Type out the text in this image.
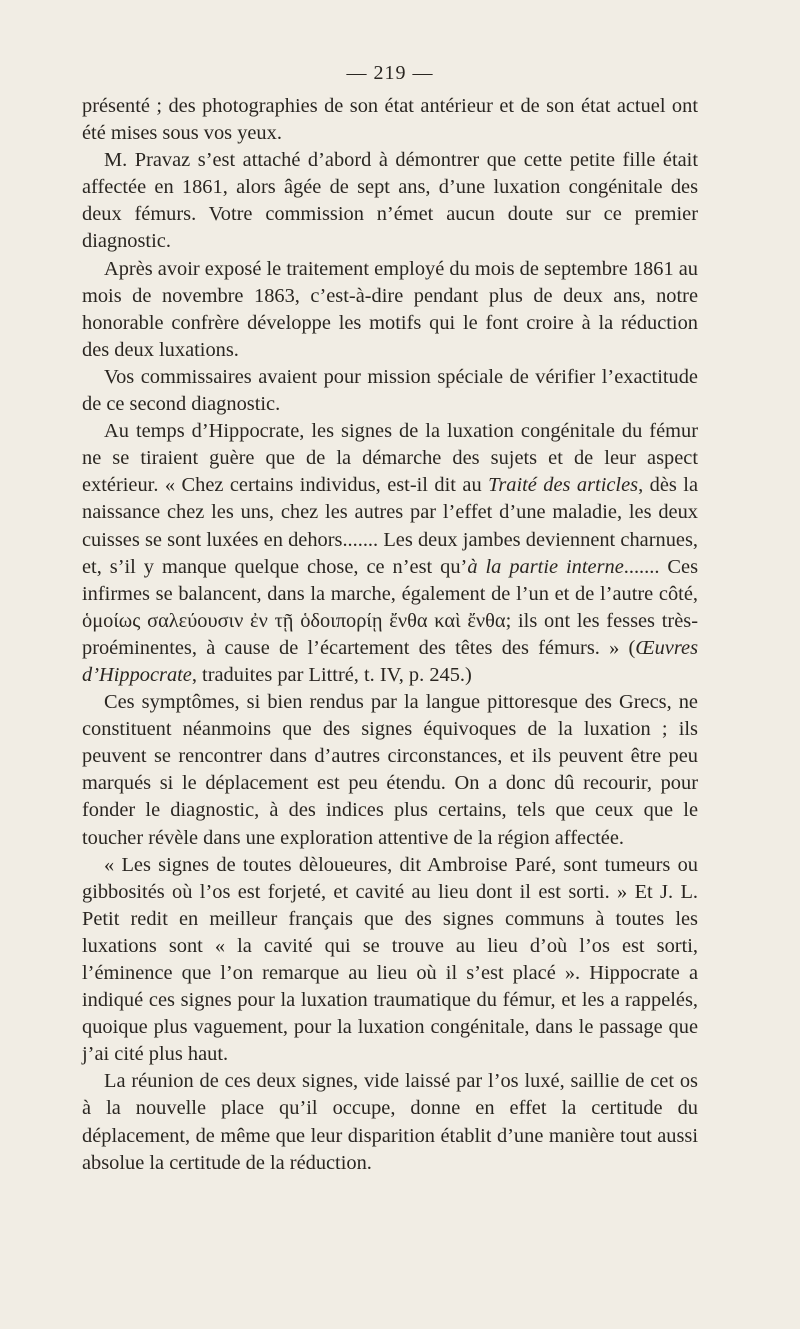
— 219 —

présenté ; des photographies de son état antérieur et de son état actuel ont été mises sous vos yeux.

M. Pravaz s’est attaché d’abord à démontrer que cette petite fille était affectée en 1861, alors âgée de sept ans, d’une luxation congénitale des deux fémurs. Votre commission n’émet aucun doute sur ce premier diagnostic.

Après avoir exposé le traitement employé du mois de septembre 1861 au mois de novembre 1863, c’est-à-dire pendant plus de deux ans, notre honorable confrère développe les motifs qui le font croire à la réduction des deux luxations.

Vos commissaires avaient pour mission spéciale de vérifier l’exactitude de ce second diagnostic.

Au temps d’Hippocrate, les signes de la luxation congénitale du fémur ne se tiraient guère que de la démarche des sujets et de leur aspect extérieur. « Chez certains individus, est-il dit au Traité des articles, dès la naissance chez les uns, chez les autres par l’effet d’une maladie, les deux cuisses se sont luxées en dehors....... Les deux jambes deviennent charnues, et, s’il y manque quelque chose, ce n’est qu’à la partie interne....... Ces infirmes se balancent, dans la marche, également de l’un et de l’autre côté, ὁμοίως σαλεύουσιν ἐν τῇ ὁδοιπορίῃ ἔνθα καὶ ἔνθα; ils ont les fesses très-proéminentes, à cause de l’écartement des têtes des fémurs. » (Œuvres d’Hippocrate, traduites par Littré, t. IV, p. 245.)

Ces symptômes, si bien rendus par la langue pittoresque des Grecs, ne constituent néanmoins que des signes équivoques de la luxation ; ils peuvent se rencontrer dans d’autres circonstances, et ils peuvent être peu marqués si le déplacement est peu étendu. On a donc dû recourir, pour fonder le diagnostic, à des indices plus certains, tels que ceux que le toucher révèle dans une exploration attentive de la région affectée.

« Les signes de toutes dèloueures, dit Ambroise Paré, sont tumeurs ou gibbosités où l’os est forjeté, et cavité au lieu dont il est sorti. » Et J. L. Petit redit en meilleur français que des signes communs à toutes les luxations sont « la cavité qui se trouve au lieu d’où l’os est sorti, l’éminence que l’on remarque au lieu où il s’est placé ». Hippocrate a indiqué ces signes pour la luxation traumatique du fémur, et les a rappelés, quoique plus vaguement, pour la luxation congénitale, dans le passage que j’ai cité plus haut.

La réunion de ces deux signes, vide laissé par l’os luxé, saillie de cet os à la nouvelle place qu’il occupe, donne en effet la certitude du déplacement, de même que leur disparition établit d’une manière tout aussi absolue la certitude de la réduction.
